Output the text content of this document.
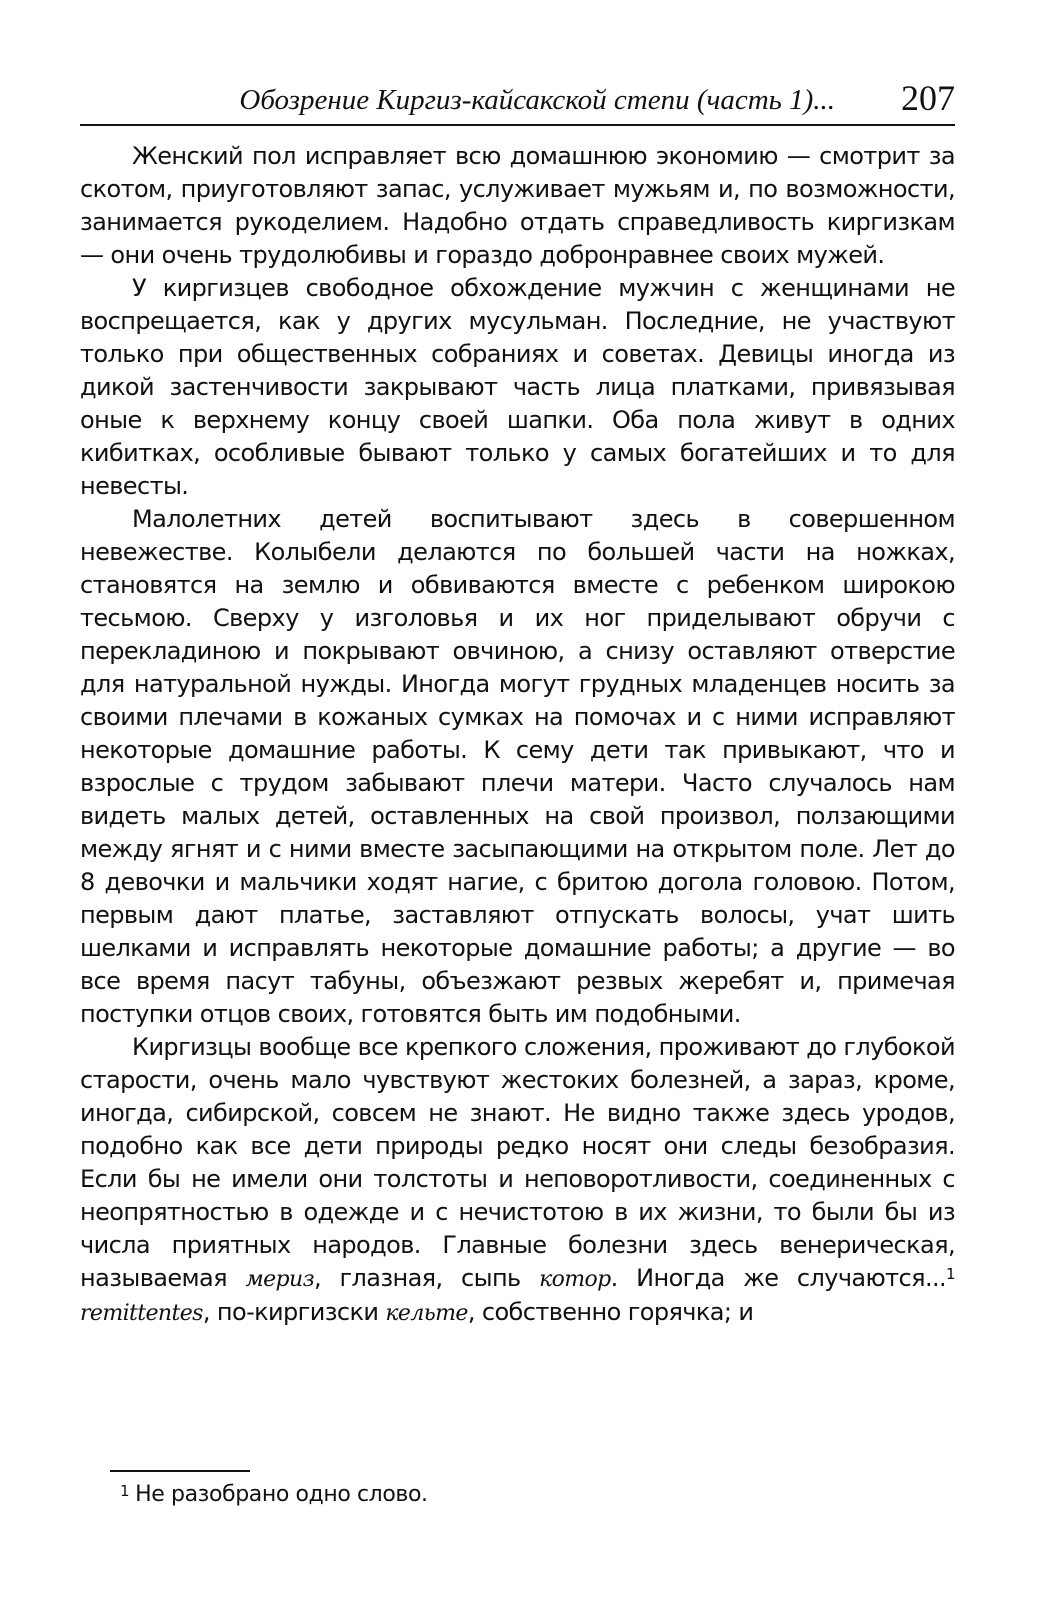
Обозрение Киргиз-кайсакской степи (часть 1)... 207

Женский пол исправляет всю домашнюю экономию — смотрит за скотом, приуготовляют запас, услуживает мужьям и, по возможности, занимается рукоделием. Надобно отдать справедливость киргизкам — они очень трудолюбивы и гораздо добронравнее своих мужей.

У киргизцев свободное обхождение мужчин с женщинами не воспрещается, как у других мусульман. Последние, не участвуют только при общественных собраниях и советах. Девицы иногда из дикой застенчивости закрывают часть лица платками, привязывая оные к верхнему концу своей шапки. Оба пола живут в одних кибитках, особливые бывают только у самых богатейших и то для невесты.

Малолетних детей воспитывают здесь в совершенном невежестве. Колыбели делаются по большей части на ножках, становятся на землю и обвиваются вместе с ребенком широкою тесьмою. Сверху у изголовья и их ног приделывают обручи с перекладиною и покрывают овчиною, а снизу оставляют отверстие для натуральной нужды. Иногда могут грудных младенцев носить за своими плечами в кожаных сумках на помочах и с ними исправляют некоторые домашние работы. К сему дети так привыкают, что и взрослые с трудом забывают плечи матери. Часто случалось нам видеть малых детей, оставленных на свой произвол, ползающими между ягнят и с ними вместе засыпающими на открытом поле. Лет до 8 девочки и мальчики ходят нагие, с бритою догола головою. Потом, первым дают платье, заставляют отпускать волосы, учат шить шелками и исправлять некоторые домашние работы; а другие — во все время пасут табуны, объезжают резвых жеребят и, примечая поступки отцов своих, готовятся быть им подобными.

Киргизцы вообще все крепкого сложения, проживают до глубокой старости, очень мало чувствуют жестоких болезней, а зараз, кроме, иногда, сибирской, совсем не знают. Не видно также здесь уродов, подобно как все дети природы редко носят они следы безобразия. Если бы не имели они толстоты и неповоротливости, соединенных с неопрятностью в одежде и с нечистотою в их жизни, то были бы из числа приятных народов. Главные болезни здесь венерическая, называемая мериз, глазная, сыпь котор. Иногда же случаются...$^1$ remittentes, по-киргизски кельте, собственно горячка; и

$^1$ Не разобрано одно слово.
